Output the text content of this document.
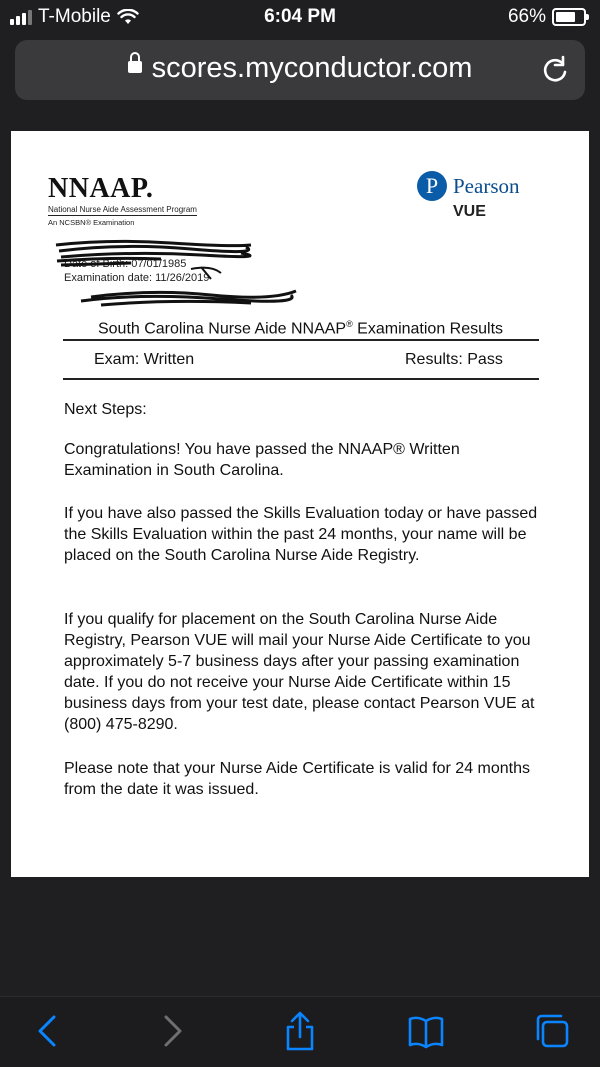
T-Mobile	6:04 PM	66%
scores.myconductor.com
NNAAP.
National Nurse Aide Assessment Program
An NCSBN® Examination
P Pearson
VUE
Date of Birth: 07/01/1985
Examination date: 11/26/2019
South Carolina Nurse Aide NNAAP® Examination Results
Exam: Written	Results: Pass
Next Steps:
Congratulations! You have passed the NNAAP® Written Examination in South Carolina.
If you have also passed the Skills Evaluation today or have passed the Skills Evaluation within the past 24 months, your name will be placed on the South Carolina Nurse Aide Registry.
If you qualify for placement on the South Carolina Nurse Aide Registry, Pearson VUE will mail your Nurse Aide Certificate to you approximately 5-7 business days after your passing examination date. If you do not receive your Nurse Aide Certificate within 15 business days from your test date, please contact Pearson VUE at (800) 475-8290.
Please note that your Nurse Aide Certificate is valid for 24 months from the date it was issued.
